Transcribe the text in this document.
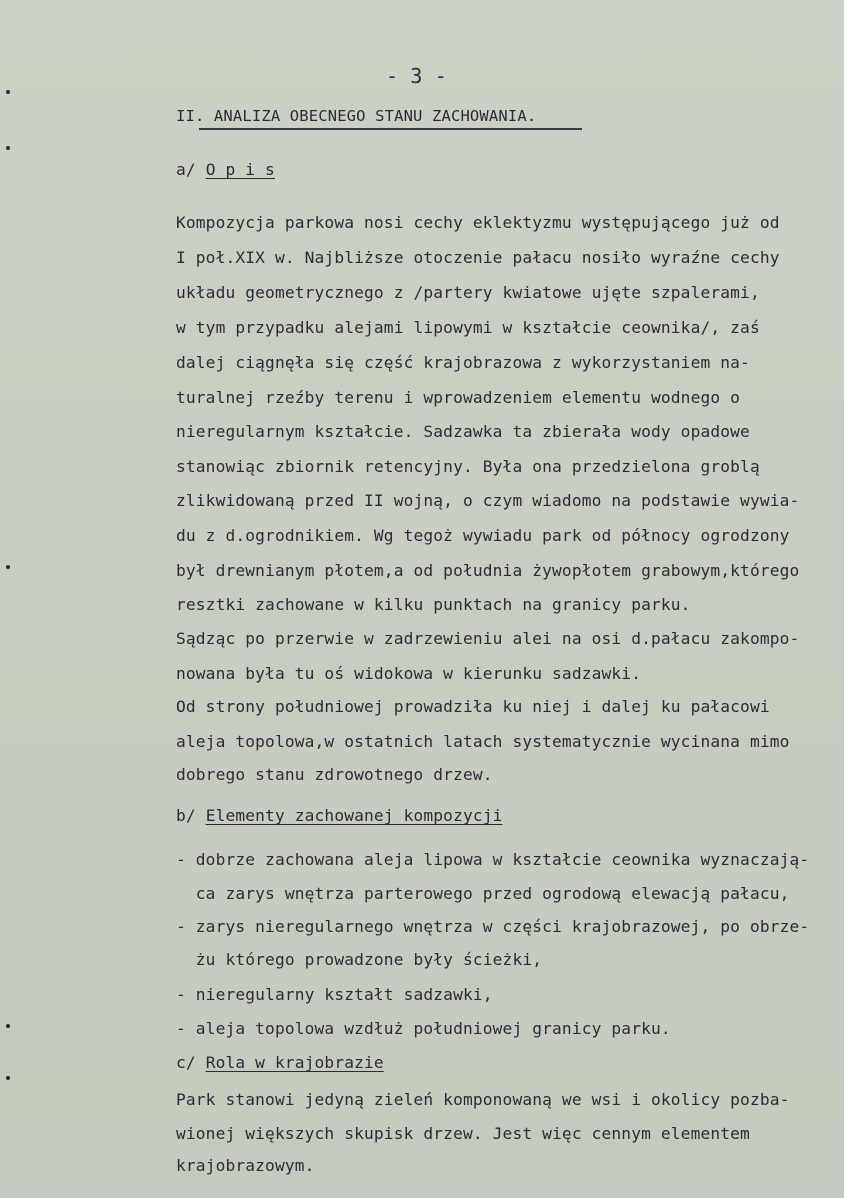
- 3 -
II. ANALIZA OBECNEGO STANU ZACHOWANIA.
a/ O p i s
Kompozycja parkowa nosi cechy eklektyzmu występującego już od
I poł.XIX w. Najbliższe otoczenie pałacu nosiło wyraźne cechy
układu geometrycznego z /partery kwiatowe ujęte szpalerami,
w tym przypadku alejami lipowymi w kształcie ceownika/, zaś
dalej ciągnęła się część krajobrazowa z wykorzystaniem na-
turalnej rzeźby terenu i wprowadzeniem elementu wodnego o
nieregularnym kształcie. Sadzawka ta zbierała wody opadowe
stanowiąc zbiornik retencyjny. Była ona przedzielona groblą
zlikwidowaną przed II wojną, o czym wiadomo na podstawie wywia-
du z d.ogrodnikiem. Wg tegoż wywiadu park od północy ogrodzony
był drewnianym płotem,a od południa żywopłotem grabowym,którego
resztki zachowane w kilku punktach na granicy parku.
Sądząc po przerwie w zadrzewieniu alei na osi d.pałacu zakompo-
nowana była tu oś widokowa w kierunku sadzawki.
Od strony południowej prowadziła ku niej i dalej ku pałacowi
aleja topolowa,w ostatnich latach systematycznie wycinana mimo
dobrego stanu zdrowotnego drzew.
b/ Elementy zachowanej kompozycji
- dobrze zachowana aleja lipowa w kształcie ceownika wyznaczają-
ca zarys wnętrza parterowego przed ogrodową elewacją pałacu,
- zarys nieregularnego wnętrza w części krajobrazowej, po obrze-
żu którego prowadzone były ścieżki,
- nieregularny kształt sadzawki,
- aleja topolowa wzdłuż południowej granicy parku.
c/ Rola w krajobrazie
Park stanowi jedyną zieleń komponowaną we wsi i okolicy pozba-
wionej większych skupisk drzew. Jest więc cennym elementem
krajobrazowym.
